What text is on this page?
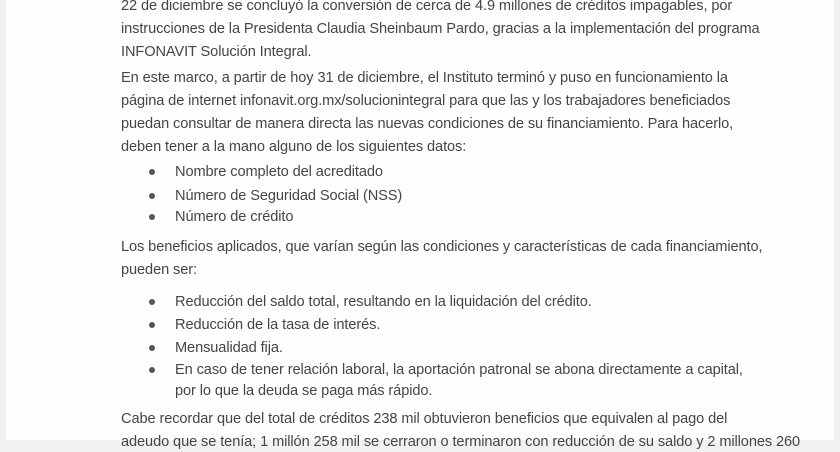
22 de diciembre se concluyó la conversión de cerca de 4.9 millones de créditos impagables, por
instrucciones de la Presidenta Claudia Sheinbaum Pardo, gracias a la implementación del programa
INFONAVIT Solución Integral.
En este marco, a partir de hoy 31 de diciembre, el Instituto terminó y puso en funcionamiento la
página de internet infonavit.org.mx/solucionintegral para que las y los trabajadores beneficiados
puedan consultar de manera directa las nuevas condiciones de su financiamiento. Para hacerlo,
deben tener a la mano alguno de los siguientes datos:
Nombre completo del acreditado
Número de Seguridad Social (NSS)
Número de crédito
Los beneficios aplicados, que varían según las condiciones y características de cada financiamiento,
pueden ser:
Reducción del saldo total, resultando en la liquidación del crédito.
Reducción de la tasa de interés.
Mensualidad fija.
En caso de tener relación laboral, la aportación patronal se abona directamente a capital,
por lo que la deuda se paga más rápido.
Cabe recordar que del total de créditos 238 mil obtuvieron beneficios que equivalen al pago del
adeudo que se tenía; 1 millón 258 mil se cerraron o terminaron con reducción de su saldo y 2 millones 260
